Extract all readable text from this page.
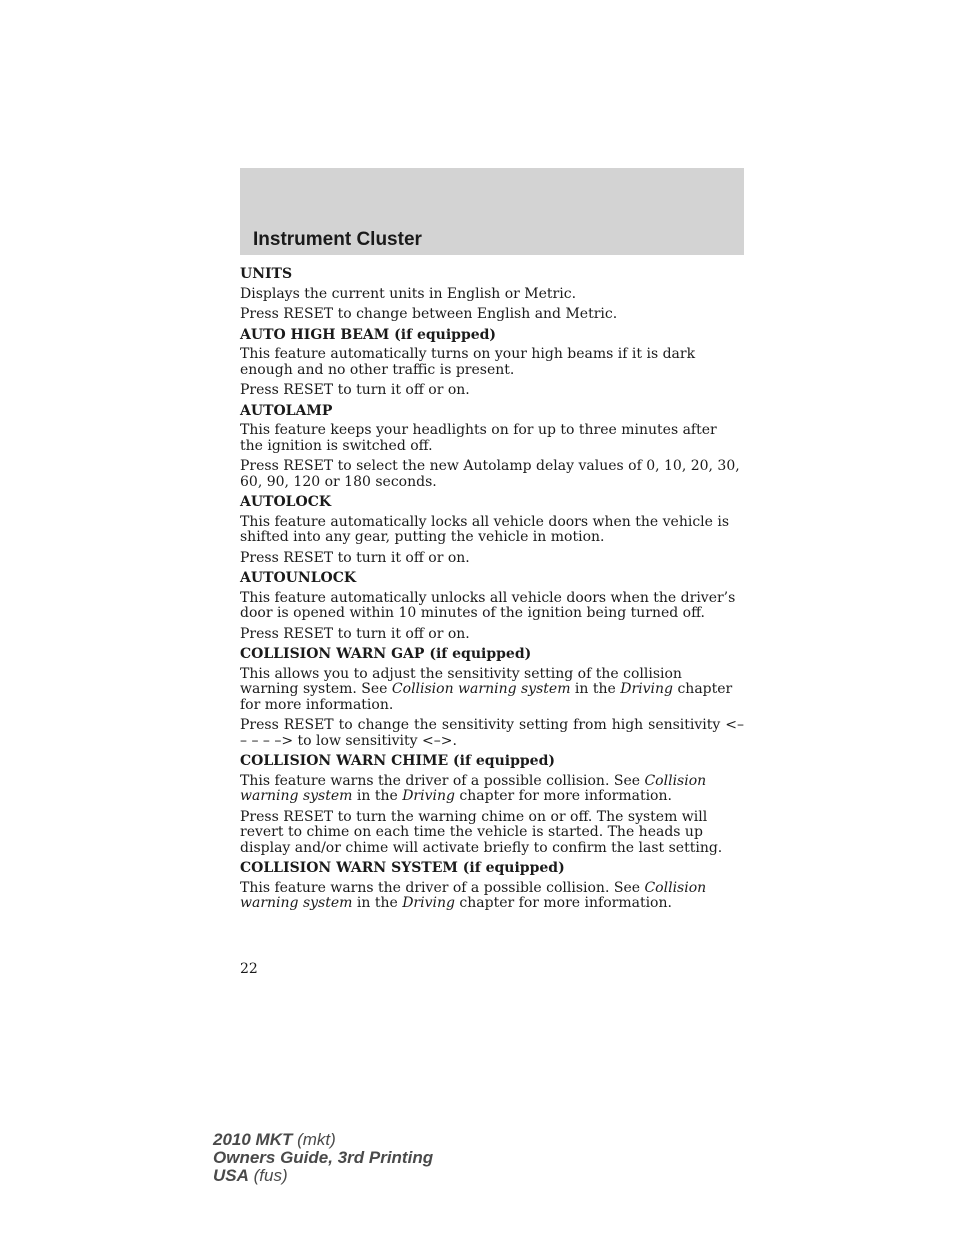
Instrument Cluster
UNITS
Displays the current units in English or Metric.
Press RESET to change between English and Metric.
AUTO HIGH BEAM (if equipped)
This feature automatically turns on your high beams if it is dark enough and no other traffic is present.
Press RESET to turn it off or on.
AUTOLAMP
This feature keeps your headlights on for up to three minutes after the ignition is switched off.
Press RESET to select the new Autolamp delay values of 0, 10, 20, 30, 60, 90, 120 or 180 seconds.
AUTOLOCK
This feature automatically locks all vehicle doors when the vehicle is shifted into any gear, putting the vehicle in motion.
Press RESET to turn it off or on.
AUTOUNLOCK
This feature automatically unlocks all vehicle doors when the driver’s door is opened within 10 minutes of the ignition being turned off.
Press RESET to turn it off or on.
COLLISION WARN GAP (if equipped)
This allows you to adjust the sensitivity setting of the collision warning system. See Collision warning system in the Driving chapter for more information.
Press RESET to change the sensitivity setting from high sensitivity <– – – – –> to low sensitivity <–>.
COLLISION WARN CHIME (if equipped)
This feature warns the driver of a possible collision. See Collision warning system in the Driving chapter for more information.
Press RESET to turn the warning chime on or off. The system will revert to chime on each time the vehicle is started. The heads up display and/or chime will activate briefly to confirm the last setting.
COLLISION WARN SYSTEM (if equipped)
This feature warns the driver of a possible collision. See Collision warning system in the Driving chapter for more information.
22
2010 MKT (mkt)
Owners Guide, 3rd Printing
USA (fus)
